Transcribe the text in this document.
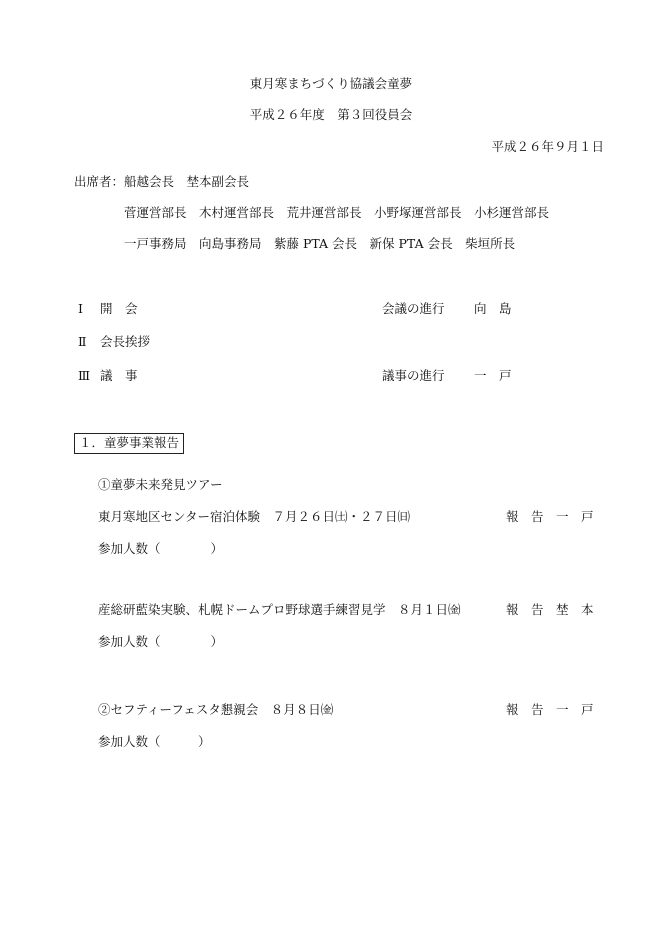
東月寒まちづくり協議会童夢
平成２６年度　第３回役員会
平成２６年９月１日
出席者：船越会長　埜本副会長
菅運営部長　木村運営部長　荒井運営部長　小野塚運営部長　小杉運営部長
一戸事務局　向島事務局　紫藤 PTA 会長　新保 PTA 会長　柴垣所長
Ⅰ 開　会	会議の進行 向　島
Ⅱ 会長挨拶
Ⅲ 議　事	議事の進行 一　戸
１．童夢事業報告
①童夢未来発見ツアー
東月寒地区センター宿泊体験　７月２６日㈯・２７日㈰	報　告　一　戸
参加人数（　　　　）
産総研藍染実験、札幌ドームプロ野球選手練習見学　８月１日㈮	報　告　埜　本
参加人数（　　　　）
②セフティーフェスタ懇親会　８月８日㈮	報　告　一　戸
参加人数（　　　）
